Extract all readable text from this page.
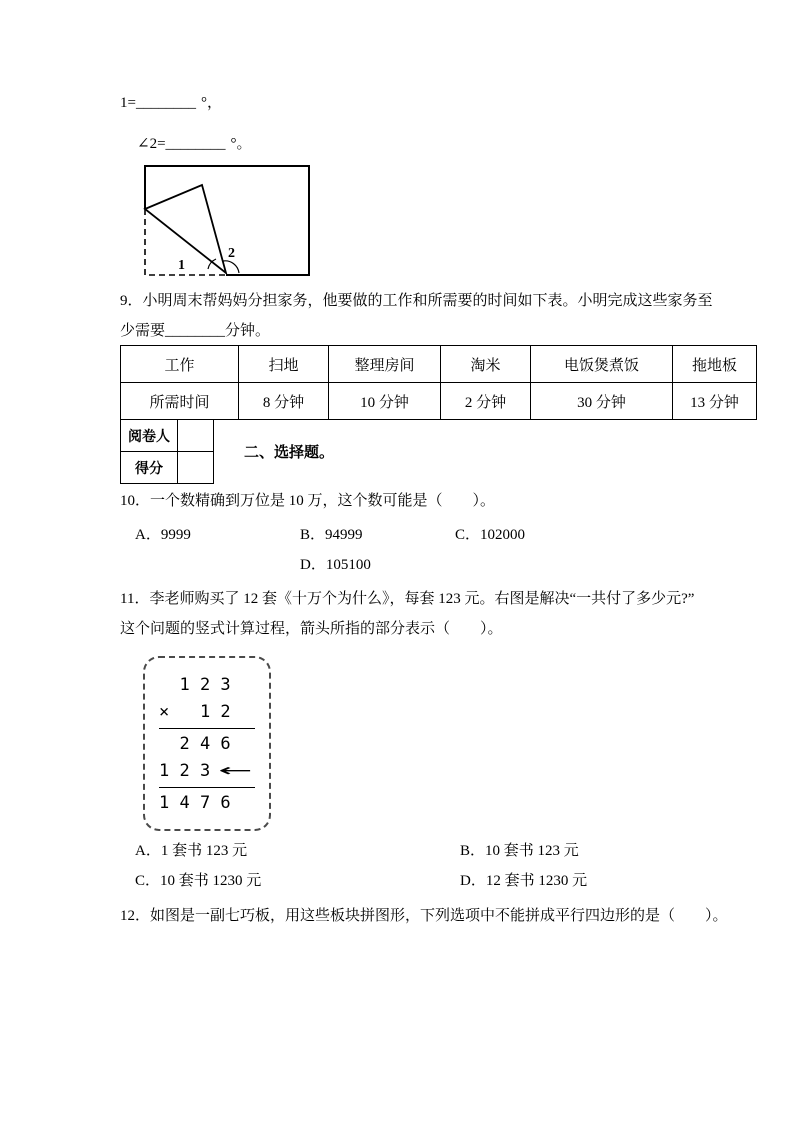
1=________ °，
∠2=________ °。
1
2
9．小明周末帮妈妈分担家务，他要做的工作和所需要的时间如下表。小明完成这些家务至
少需要________分钟。
工作	扫地	整理房间	淘米	电饭煲煮饭	拖地板
所需时间	8 分钟	10 分钟	2 分钟	30 分钟	13 分钟
阅卷人	
得分	
二、选择题。
10．一个数精确到万位是 10 万，这个数可能是（　　）。
A．9999	B．94999	C．102000
D．105100
11．李老师购买了 12 套《十万个为什么》，每套 123 元。右图是解决“一共付了多少元?”
这个问题的竖式计算过程，箭头所指的部分表示（　　）。
1 2 3
×   1 2
2 4 6
1 2 3 ←
1 4 7 6
A．1 套书 123 元	B．10 套书 123 元
C．10 套书 1230 元	D．12 套书 1230 元
12．如图是一副七巧板，用这些板块拼图形，下列选项中不能拼成平行四边形的是（　　）。
